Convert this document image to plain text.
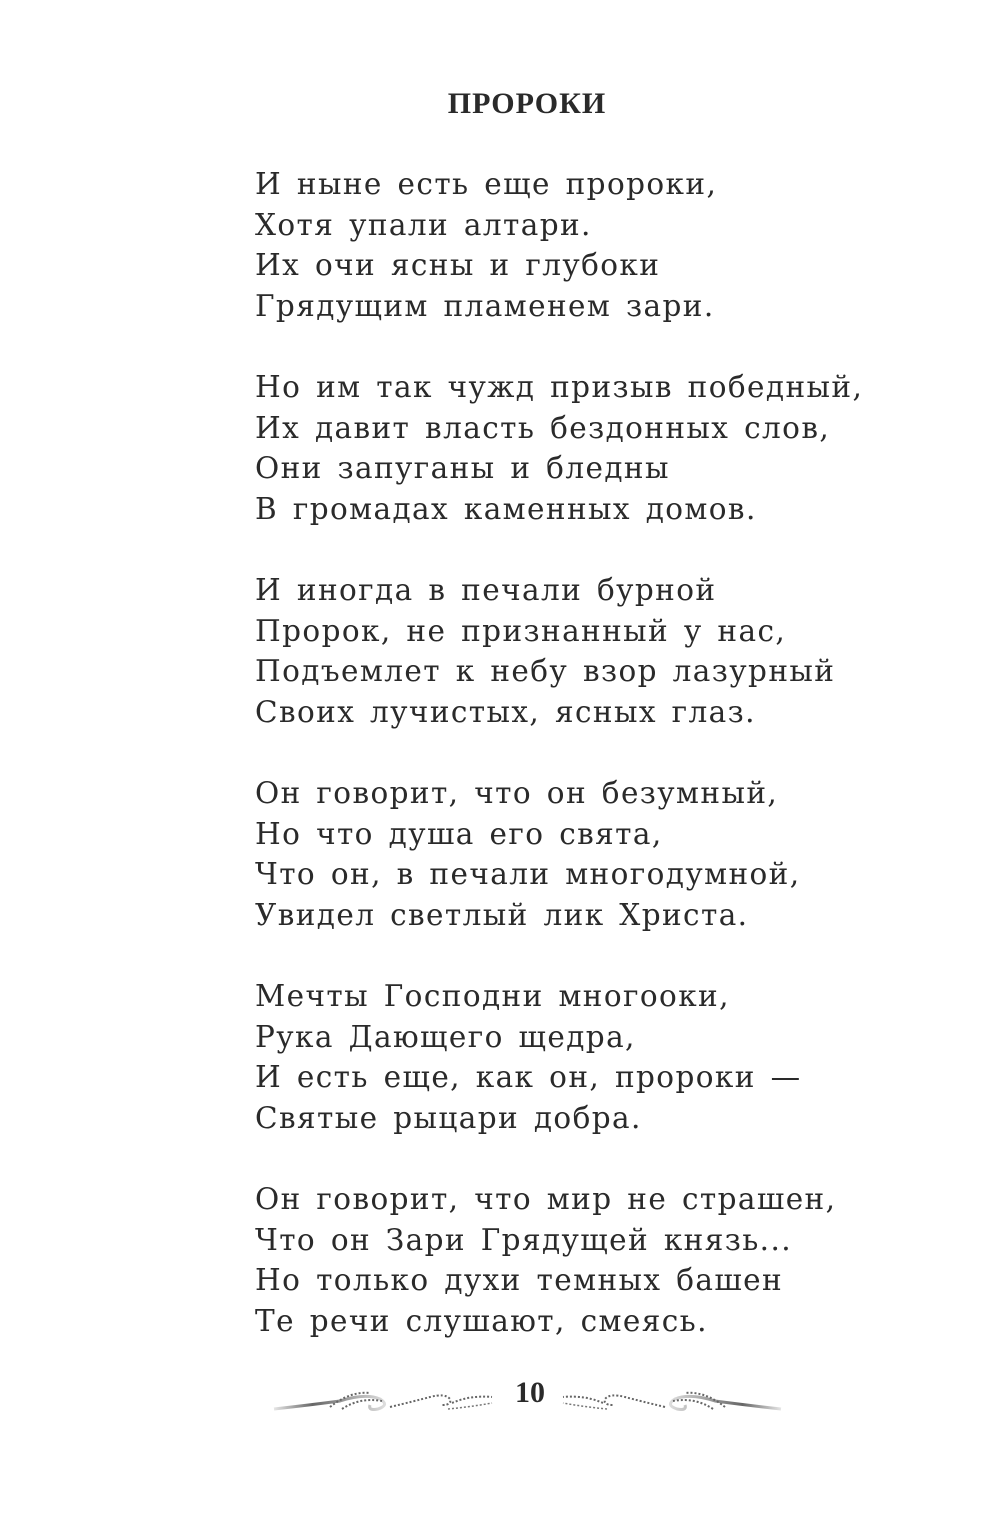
ПРОРОКИ
И ныне есть еще пророки,
Хотя упали алтари.
Их очи ясны и глубоки
Грядущим пламенем зари.
Но им так чужд призыв победный,
Их давит власть бездонных слов,
Они запуганы и бледны
В громадах каменных домов.
И иногда в печали бурной
Пророк, не признанный у нас,
Подъемлет к небу взор лазурный
Своих лучистых, ясных глаз.
Он говорит, что он безумный,
Но что душа его свята,
Что он, в печали многодумной,
Увидел светлый лик Христа.
Мечты Господни многооки,
Рука Дающего щедра,
И есть еще, как он, пророки —
Святые рыцари добра.
Он говорит, что мир не страшен,
Что он Зари Грядущей князь...
Но только духи темных башен
Те речи слушают, смеясь.
10
